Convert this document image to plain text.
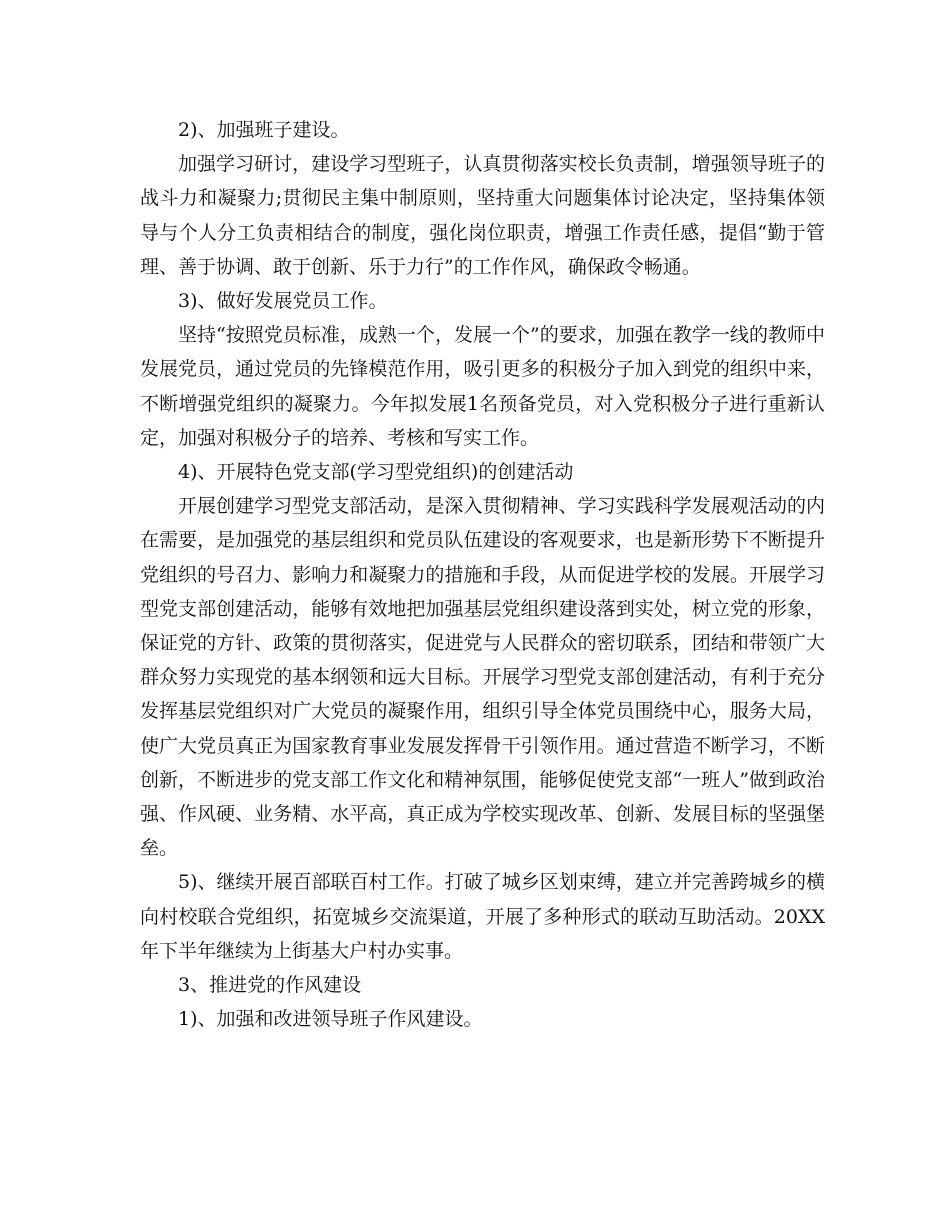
2)、加强班子建设。

加强学习研讨，建设学习型班子，认真贯彻落实校长负责制，增强领导班子的战斗力和凝聚力;贯彻民主集中制原则，坚持重大问题集体讨论决定，坚持集体领导与个人分工负责相结合的制度，强化岗位职责，增强工作责任感，提倡“勤于管理、善于协调、敢于创新、乐于力行”的工作作风，确保政令畅通。

3)、做好发展党员工作。

坚持“按照党员标准，成熟一个，发展一个”的要求，加强在教学一线的教师中发展党员，通过党员的先锋模范作用，吸引更多的积极分子加入到党的组织中来，不断增强党组织的凝聚力。今年拟发展1名预备党员，对入党积极分子进行重新认定，加强对积极分子的培养、考核和写实工作。

4)、开展特色党支部(学习型党组织)的创建活动

开展创建学习型党支部活动，是深入贯彻精神、学习实践科学发展观活动的内在需要，是加强党的基层组织和党员队伍建设的客观要求，也是新形势下不断提升党组织的号召力、影响力和凝聚力的措施和手段，从而促进学校的发展。开展学习型党支部创建活动，能够有效地把加强基层党组织建设落到实处，树立党的形象，保证党的方针、政策的贯彻落实，促进党与人民群众的密切联系，团结和带领广大群众努力实现党的基本纲领和远大目标。开展学习型党支部创建活动，有利于充分发挥基层党组织对广大党员的凝聚作用，组织引导全体党员围绕中心，服务大局，使广大党员真正为国家教育事业发展发挥骨干引领作用。通过营造不断学习，不断创新，不断进步的党支部工作文化和精神氛围，能够促使党支部“一班人”做到政治强、作风硬、业务精、水平高，真正成为学校实现改革、创新、发展目标的坚强堡垒。

5)、继续开展百部联百村工作。打破了城乡区划束缚，建立并完善跨城乡的横向村校联合党组织，拓宽城乡交流渠道，开展了多种形式的联动互助活动。20XX年下半年继续为上街基大户村办实事。

3、推进党的作风建设

1)、加强和改进领导班子作风建设。
